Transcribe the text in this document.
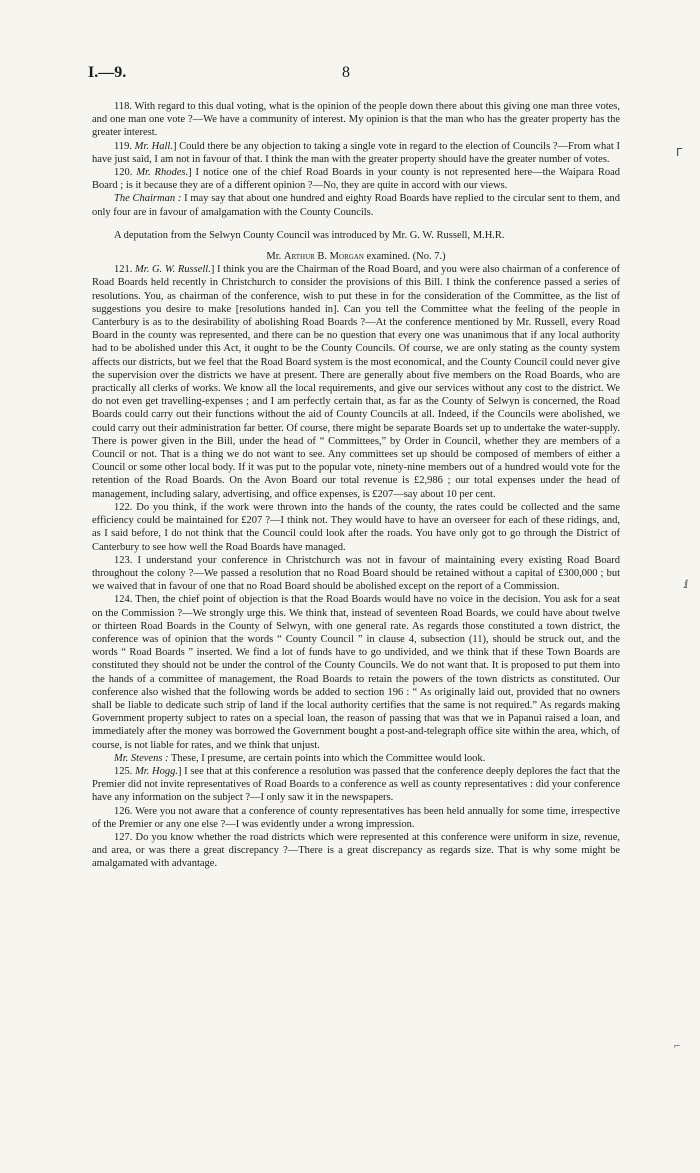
I.—9.	8

118. With regard to this dual voting, what is the opinion of the people down there about this giving one man three votes, and one man one vote ?—We have a community of interest. My opinion is that the man who has the greater property has the greater interest.

119. Mr. Hall.] Could there be any objection to taking a single vote in regard to the election of Councils ?—From what I have just said, I am not in favour of that. I think the man with the greater property should have the greater number of votes.

120. Mr. Rhodes.] I notice one of the chief Road Boards in your county is not represented here—the Waipara Road Board ; is it because they are of a different opinion ?—No, they are quite in accord with our views.

The Chairman : I may say that about one hundred and eighty Road Boards have replied to the circular sent to them, and only four are in favour of amalgamation with the County Councils.

A deputation from the Selwyn County Council was introduced by Mr. G. W. Russell, M.H.R.

Mr. Arthur B. Morgan examined. (No. 7.)

121. Mr. G. W. Russell.] I think you are the Chairman of the Road Board, and you were also chairman of a conference of Road Boards held recently in Christchurch to consider the provisions of this Bill. I think the conference passed a series of resolutions. You, as chairman of the conference, wish to put these in for the consideration of the Committee, as the list of suggestions you desire to make [resolutions handed in]. Can you tell the Committee what the feeling of the people in Canterbury is as to the desirability of abolishing Road Boards ?—At the conference mentioned by Mr. Russell, every Road Board in the county was represented, and there can be no question that every one was unanimous that if any local authority had to be abolished under this Act, it ought to be the County Councils. Of course, we are only stating as the county system affects our districts, but we feel that the Road Board system is the most economical, and the County Council could never give the supervision over the districts we have at present. There are generally about five members on the Road Boards, who are practically all clerks of works. We know all the local requirements, and give our services without any cost to the district. We do not even get travelling-expenses ; and I am perfectly certain that, as far as the County of Selwyn is concerned, the Road Boards could carry out their functions without the aid of County Councils at all. Indeed, if the Councils were abolished, we could carry out their administration far better. Of course, there might be separate Boards set up to undertake the water-supply. There is power given in the Bill, under the head of “ Committees,” by Order in Council, whether they are members of a Council or not. That is a thing we do not want to see. Any committees set up should be composed of members of either a Council or some other local body. If it was put to the popular vote, ninety-nine members out of a hundred would vote for the retention of the Road Boards. On the Avon Board our total revenue is £2,986 ; our total expenses under the head of management, including salary, advertising, and office expenses, is £207—say about 10 per cent.

122. Do you think, if the work were thrown into the hands of the county, the rates could be collected and the same efficiency could be maintained for £207 ?—I think not. They would have to have an overseer for each of these ridings, and, as I said before, I do not think that the Council could look after the roads. You have only got to go through the District of Canterbury to see how well the Road Boards have managed.

123. I understand your conference in Christchurch was not in favour of maintaining every existing Road Board throughout the colony ?—We passed a resolution that no Road Board should be retained without a capital of £300,000 ; but we waived that in favour of one that no Road Board should be abolished except on the report of a Commission.

124. Then, the chief point of objection is that the Road Boards would have no voice in the decision. You ask for a seat on the Commission ?—We strongly urge this. We think that, instead of seventeen Road Boards, we could have about twelve or thirteen Road Boards in the County of Selwyn, with one general rate. As regards those constituted a town district, the conference was of opinion that the words “ County Council ” in clause 4, subsection (11), should be struck out, and the words “ Road Boards ” inserted. We find a lot of funds have to go undivided, and we think that if these Town Boards are constituted they should not be under the control of the County Councils. We do not want that. It is proposed to put them into the hands of a committee of management, the Road Boards to retain the powers of the town districts as constituted. Our conference also wished that the following words be added to section 196 : “ As originally laid out, provided that no owners shall be liable to dedicate such strip of land if the local authority certifies that the same is not required.” As regards making Government property subject to rates on a special loan, the reason of passing that was that we in Papanui raised a loan, and immediately after the money was borrowed the Government bought a post-and-telegraph office site within the area, which, of course, is not liable for rates, and we think that unjust.

Mr. Stevens : These, I presume, are certain points into which the Committee would look.

125. Mr. Hogg.] I see that at this conference a resolution was passed that the conference deeply deplores the fact that the Premier did not invite representatives of Road Boards to a conference as well as county representatives : did your conference have any information on the subject ?—I only saw it in the newspapers.

126. Were you not aware that a conference of county representatives has been held annually for some time, irrespective of the Premier or any one else ?—I was evidently under a wrong impression.

127. Do you know whether the road districts which were represented at this conference were uniform in size, revenue, and area, or was there a great discrepancy ?—There is a great discrepancy as regards size. That is why some might be amalgamated with advantage.

ᒥ
ⅈ
⌐
